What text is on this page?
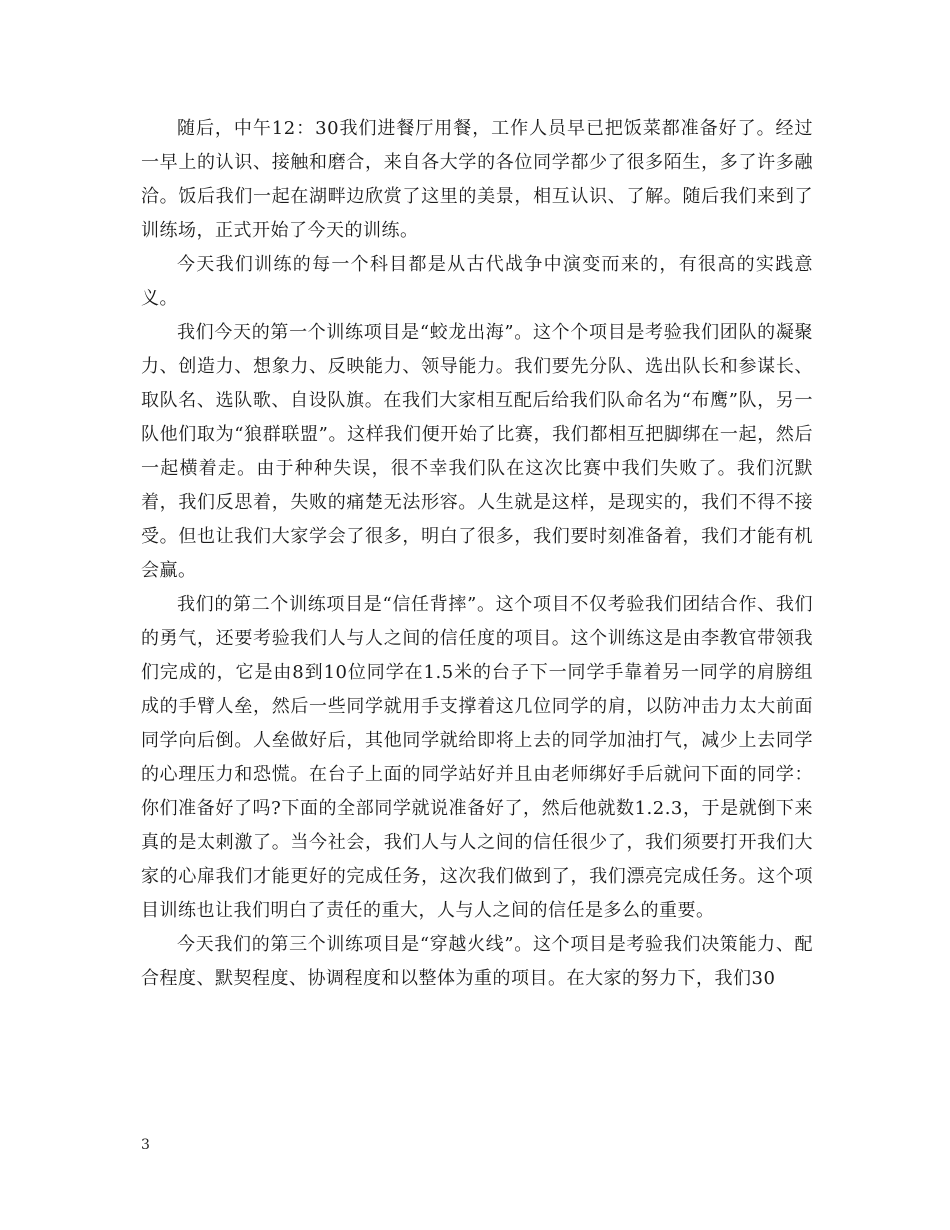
随后，中午12：30我们进餐厅用餐，工作人员早已把饭菜都准备好了。经过一早上的认识、接触和磨合，来自各大学的各位同学都少了很多陌生，多了许多融洽。饭后我们一起在湖畔边欣赏了这里的美景，相互认识、了解。随后我们来到了训练场，正式开始了今天的训练。

今天我们训练的每一个科目都是从古代战争中演变而来的，有很高的实践意义。

我们今天的第一个训练项目是“蛟龙出海”。这个个项目是考验我们团队的凝聚力、创造力、想象力、反映能力、领导能力。我们要先分队、选出队长和参谋长、取队名、选队歌、自设队旗。在我们大家相互配后给我们队命名为“布鹰”队，另一队他们取为“狼群联盟”。这样我们便开始了比赛，我们都相互把脚绑在一起，然后一起横着走。由于种种失误，很不幸我们队在这次比赛中我们失败了。我们沉默着，我们反思着，失败的痛楚无法形容。人生就是这样，是现实的，我们不得不接受。但也让我们大家学会了很多，明白了很多，我们要时刻准备着，我们才能有机会赢。

我们的第二个训练项目是“信任背摔”。这个项目不仅考验我们团结合作、我们的勇气，还要考验我们人与人之间的信任度的项目。这个训练这是由李教官带领我们完成的，它是由8到10位同学在1.5米的台子下一同学手靠着另一同学的肩膀组成的手臂人垒，然后一些同学就用手支撑着这几位同学的肩，以防冲击力太大前面同学向后倒。人垒做好后，其他同学就给即将上去的同学加油打气，减少上去同学的心理压力和恐慌。在台子上面的同学站好并且由老师绑好手后就问下面的同学：你们准备好了吗?下面的全部同学就说准备好了，然后他就数1.2.3，于是就倒下来真的是太刺激了。当今社会，我们人与人之间的信任很少了，我们须要打开我们大家的心扉我们才能更好的完成任务，这次我们做到了，我们漂亮完成任务。这个项目训练也让我们明白了责任的重大，人与人之间的信任是多么的重要。

今天我们的第三个训练项目是“穿越火线”。这个项目是考验我们决策能力、配合程度、默契程度、协调程度和以整体为重的项目。在大家的努力下，我们30

3
